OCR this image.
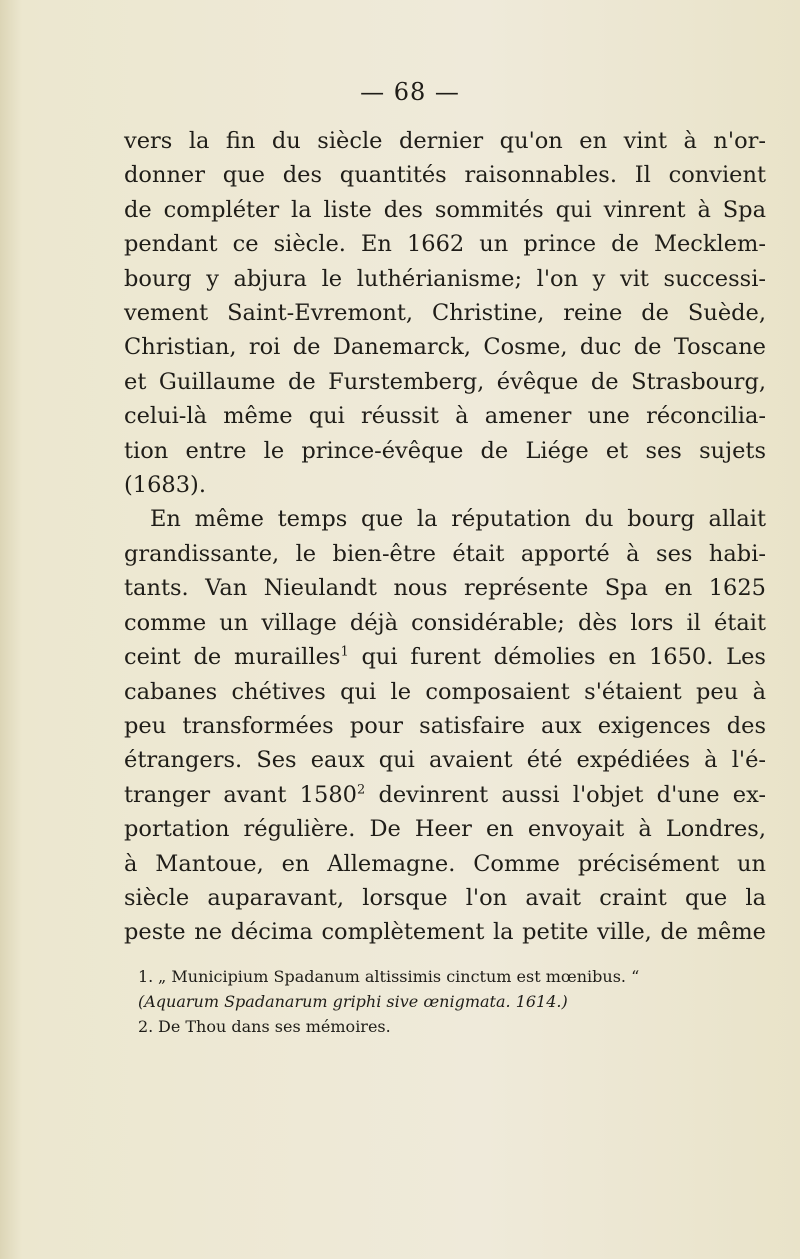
— 68 —
vers la fin du siècle dernier qu'on en vint à n'or-
donner que des quantités raisonnables. Il convient
de compléter la liste des sommités qui vinrent à Spa
pendant ce siècle. En 1662 un prince de Mecklem-
bourg y abjura le luthérianisme; l'on y vit successi-
vement Saint-Evremont, Christine, reine de Suède,
Christian, roi de Danemarck, Cosme, duc de Toscane
et Guillaume de Furstemberg, évêque de Strasbourg,
celui-là même qui réussit à amener une réconcilia-
tion entre le prince-évêque de Liége et ses sujets
(1683).
En même temps que la réputation du bourg allait
grandissante, le bien-être était apporté à ses habi-
tants. Van Nieulandt nous représente Spa en 1625
comme un village déjà considérable; dès lors il était
ceint de murailles$^1$ qui furent démolies en 1650. Les
cabanes chétives qui le composaient s'étaient peu à
peu transformées pour satisfaire aux exigences des
étrangers. Ses eaux qui avaient été expédiées à l'é-
tranger avant 1580$^2$ devinrent aussi l'objet d'une ex-
portation régulière. De Heer en envoyait à Londres,
à Mantoue, en Allemagne. Comme précisément un
siècle auparavant, lorsque l'on avait craint que la
peste ne décima complètement la petite ville, de même
1. „ Municipium Spadanum altissimis cinctum est mœnibus. “
(Aquarum Spadanarum griphi sive œnigmata. 1614.)
2. De Thou dans ses mémoires.
